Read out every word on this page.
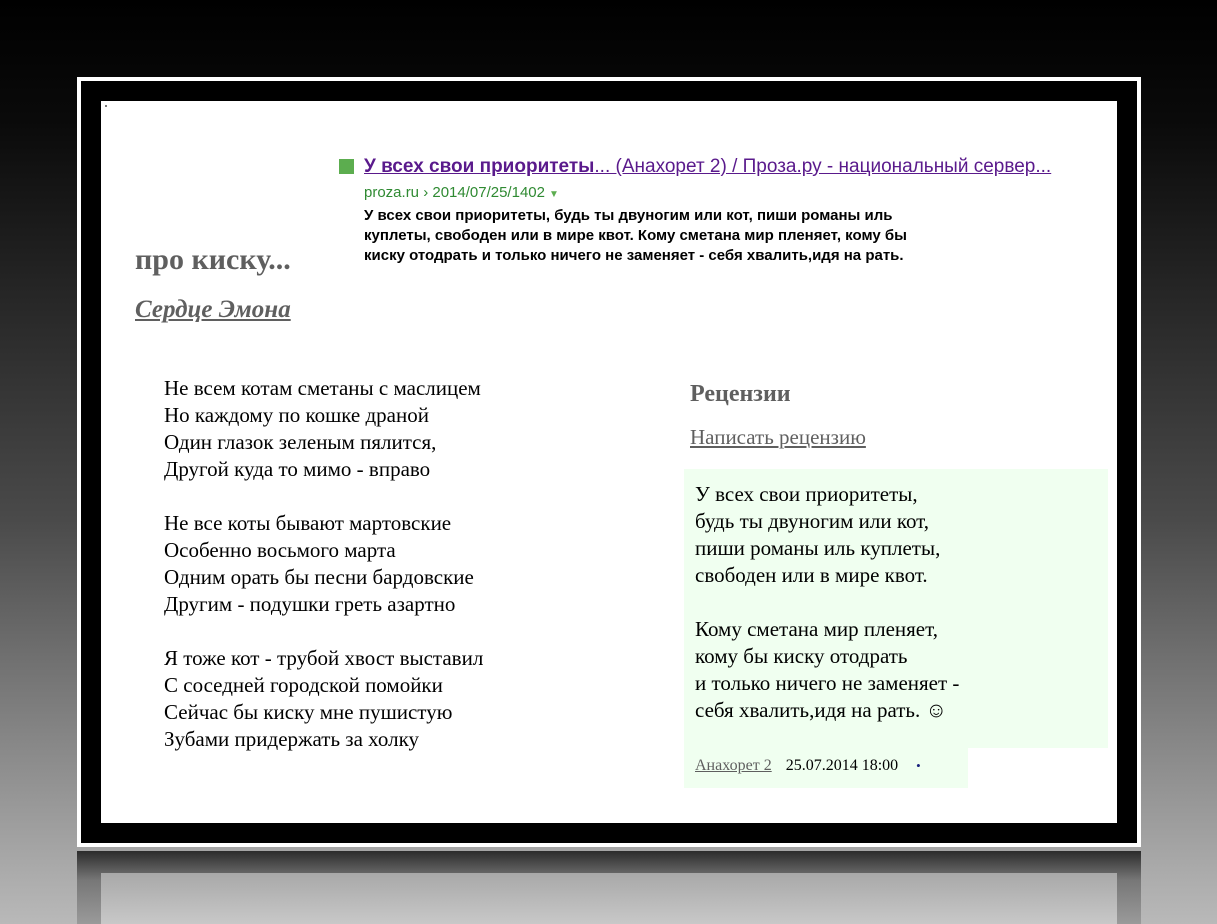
У всех свои приоритеты... (Анахорет 2) / Проза.ру - национальный сервер...
proza.ru › 2014/07/25/1402 ▼
У всех свои приоритеты, будь ты двуногим или кот, пиши романы иль
куплеты, свободен или в мире квот. Кому сметана мир пленяет, кому бы
киску отодрать и только ничего не заменяет - себя хвалить,идя на рать.
про киску...
Сердце Эмона
Не всем котам сметаны с маслицем
Но каждому по кошке драной
Один глазок зеленым пялится,
Другой куда то мимо - вправо
Не все коты бывают мартовские
Особенно восьмого марта
Одним орать бы песни бардовские
Другим - подушки греть азартно
Я тоже кот - трубой хвост выставил
С соседней городской помойки
Сейчас бы киску мне пушистую
Зубами придержать за холку
Рецензии
Написать рецензию
У всех свои приоритеты,
будь ты двуногим или кот,
пиши романы иль куплеты,
свободен или в мире квот.
Кому сметана мир пленяет,
кому бы киску отодрать
и только ничего не заменяет -
себя хвалить,идя на рать. ☺
Анахорет 2 25.07.2014 18:00 •
